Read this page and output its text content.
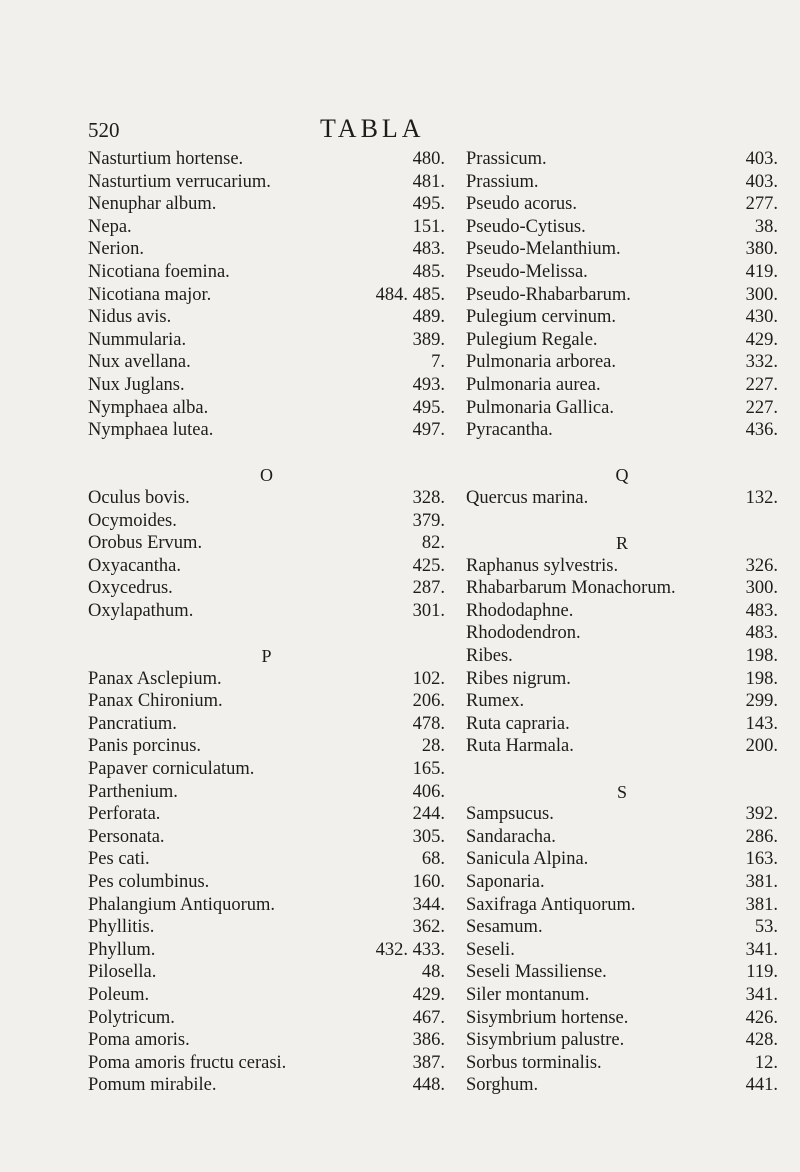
520	TABLA
Nasturtium hortense.	480.
Nasturtium verrucarium.	481.
Nenuphar album.	495.
Nepa.	151.
Nerion.	483.
Nicotiana foemina.	485.
Nicotiana major.	484. 485.
Nidus avis.	489.
Nummularia.	389.
Nux avellana.	7.
Nux Juglans.	493.
Nymphaea alba.	495.
Nymphaea lutea.	497.
O
Oculus bovis.	328.
Ocymoides.	379.
Orobus Ervum.	82.
Oxyacantha.	425.
Oxycedrus.	287.
Oxylapathum.	301.
P
Panax Asclepium.	102.
Panax Chironium.	206.
Pancratium.	478.
Panis porcinus.	28.
Papaver corniculatum.	165.
Parthenium.	406.
Perforata.	244.
Personata.	305.
Pes cati.	68.
Pes columbinus.	160.
Phalangium Antiquorum.	344.
Phyllitis.	362.
Phyllum.	432. 433.
Pilosella.	48.
Poleum.	429.
Polytricum.	467.
Poma amoris.	386.
Poma amoris fructu cerasi.	387.
Pomum mirabile.	448.
Prassicum.	403.
Prassium.	403.
Pseudo acorus.	277.
Pseudo-Cytisus.	38.
Pseudo-Melanthium.	380.
Pseudo-Melissa.	419.
Pseudo-Rhabarbarum.	300.
Pulegium cervinum.	430.
Pulegium Regale.	429.
Pulmonaria arborea.	332.
Pulmonaria aurea.	227.
Pulmonaria Gallica.	227.
Pyracantha.	436.
Q
Quercus marina.	132.
R
Raphanus sylvestris.	326.
Rhabarbarum Monachorum.	300.
Rhododaphne.	483.
Rhododendron.	483.
Ribes.	198.
Ribes nigrum.	198.
Rumex.	299.
Ruta capraria.	143.
Ruta Harmala.	200.
S
Sampsucus.	392.
Sandaracha.	286.
Sanicula Alpina.	163.
Saponaria.	381.
Saxifraga Antiquorum.	381.
Sesamum.	53.
Seseli.	341.
Seseli Massiliense.	119.
Siler montanum.	341.
Sisymbrium hortense.	426.
Sisymbrium palustre.	428.
Sorbus torminalis.	12.
Sorghum.	441.
